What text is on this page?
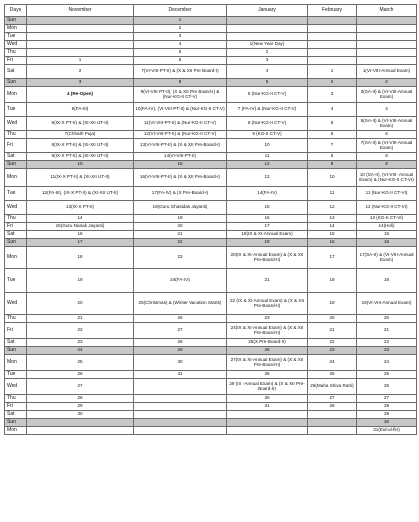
Days	November	December	January	February	March
Sun		1			
Mon		2			
Tue		3			
Wed		4	1(New Year Day)		
Thu		5	2		
Fri	1	6	3		
Sat	2	7(VI-VIII-PT-II) & (X & XII Pre Board-I)	4	1	1(VI-VIII-Annual Exam)
Sun	3	8	5	2	2
Mon	4 (Re-Open)	9(VI-VIII-PT-II), (X & XII Pre Board-I) & (Nur-KG-II CT-V)	6 (Nur-KG-II CT-V)	3	3(SA-II) & (VI-VIII-Annual Exam)
Tue	5(FA-III)	10(FA-IV), (VI-VIII-PT-II) & (Nur-KG-II CT-V)	7 (FA-IV) & (Nur-KG-II CT-V)	4	4
Wed	6(IX-X PT-II) & (XI-XII UT-II)	11(VI-VIII-PT-II) & (Nur-KG-II CT-V)	8 (Nur-KG-II CT-V)	5	5(SA-II) & (VI-VIII-Annual Exam)
Thu	7(Chhath Puja)	12(VI-VIII-PT-II) & (Nur-KG-II CT-V)	9 (KG-II CT-V)	6	6
Fri	8(IX-X PT-II) & (XI-XII UT-II)	13(VI-VIII-PT-II) & (X & XII Pre-Board-I)	10	7	7(SA-II) & (VI-VIII-Annual Exam)
Sat	9(IX-X PT-II) & (XI-XII UT-II)	14(VI-VIII-PT-II)	11	8	8
Sun	10	15	12	9	9
Mon	11(IX-X PT-II) & (XI-XII UT-II)	16(VI-VIII-PT-II) & (X & XII Pre-Board-I)	13	10	10 (SA-II), (VI-VIII- Annual Exam) & (Nur-KG-II CT-VI)
Tue	12(FA-III), (IX-X PT-II) & (XI-XII UT-II)	17(FA-IV) & (X Pre-Board-I)	14(FA-IV)	11	11 (Nur-KG-II CT-VI)
Wed	13(IX-X PT-II)	18(Guru Ghasidas Jayanti)	15	12	12 (Nur-KG-II CT-VI)
Thu	14	19	16	13	13 (KG-II CT-VI)
Fri	15(Guru Nanak Jayanti)	20	17	14	14(Holi)
Sat	16	21	18(IX & XI-Annual Exam)	15	15
Sun	17	22	19	16	16
Mon	18	23	20(IX & XI-Annual Exam) & (X & XII Pre-Board-II)	17	17(SA-II) & (VI-VIII-Annual Exam)
Tue	19	24(FA-IV)	21	18	18
Wed	20	25(Christmas) & (Winter Vacation Starts)	22 (IX & XI-Annual Exam) & (X & XII Pre-Board-II)	19	19(VI-VIII-Annual Exam)
Thu	21	26	23	20	20
Fri	22	27	24(IX & XI-Annual Exam) & (X & XII Pre-Board-II)	21	21
Sat	23	28	25(X Pre-Board-II)	22	22
Sun	24	29	26	23	23
Mon	25	30	27(IX & XI-Annual Exam) & (X & XII Pre-Board-II)	24	24
Tue	26	31	28	25	25
Wed	27		29 (IX -Annual Exam) & (X & XII Pre-Board-II)	26(Maha Shiva Ratri)	26
Thu	28		30	27	27
Fri	29		31	28	28
Sat	30				29
Sun					30
Mon					31(Eid-ul-fitr)
